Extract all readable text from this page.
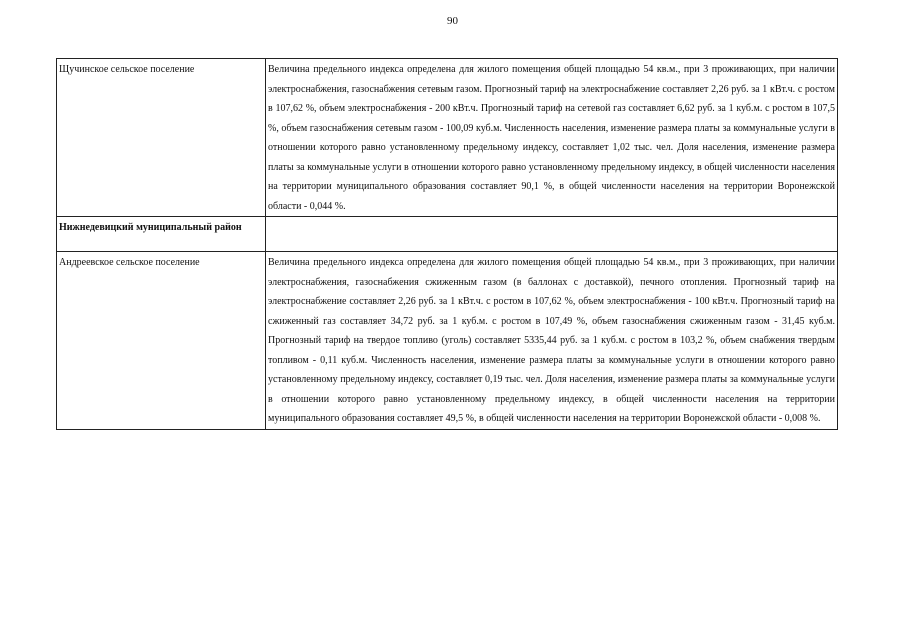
90
Щучинское сельское поселение	Величина предельного индекса определена для жилого помещения общей площадью 54 кв.м., при 3 проживающих, при наличии электроснабжения, газоснабжения сетевым газом. Прогнозный тариф на электроснабжение составляет 2,26 руб. за 1 кВт.ч. с ростом в 107,62 %, объем электроснабжения - 200 кВт.ч. Прогнозный тариф на сетевой газ составляет 6,62 руб. за 1 куб.м. с ростом в 107,5 %, объем газоснабжения сетевым газом - 100,09 куб.м. Численность населения, изменение размера платы за коммунальные услуги в отношении которого равно установленному предельному индексу, составляет 1,02 тыс. чел. Доля населения, изменение размера платы за коммунальные услуги в отношении которого равно установленному предельному индексу, в общей численности населения на территории муниципального образования составляет 90,1 %, в общей численности населения на территории Воронежской области - 0,044 %.
Нижнедевицкий муниципальный район	
Андреевское сельское поселение	Величина предельного индекса определена для жилого помещения общей площадью 54 кв.м., при 3 проживающих, при наличии электроснабжения, газоснабжения сжиженным газом (в баллонах с доставкой), печного отопления. Прогнозный тариф на электроснабжение составляет 2,26 руб. за 1 кВт.ч. с ростом в 107,62 %, объем электроснабжения - 100 кВт.ч. Прогнозный тариф на сжиженный газ составляет 34,72 руб. за 1 куб.м. с ростом в 107,49 %, объем газоснабжения сжиженным газом - 31,45 куб.м. Прогнозный тариф на твердое топливо (уголь) составляет 5335,44 руб. за 1 куб.м. с ростом в 103,2 %, объем снабжения твердым топливом - 0,11 куб.м. Численность населения, изменение размера платы за коммунальные услуги в отношении которого равно установленному предельному индексу, составляет 0,19 тыс. чел. Доля населения, изменение размера платы за коммунальные услуги в отношении которого равно установленному предельному индексу, в общей численности населения на территории муниципального образования составляет 49,5 %, в общей численности населения на территории Воронежской области - 0,008 %.
